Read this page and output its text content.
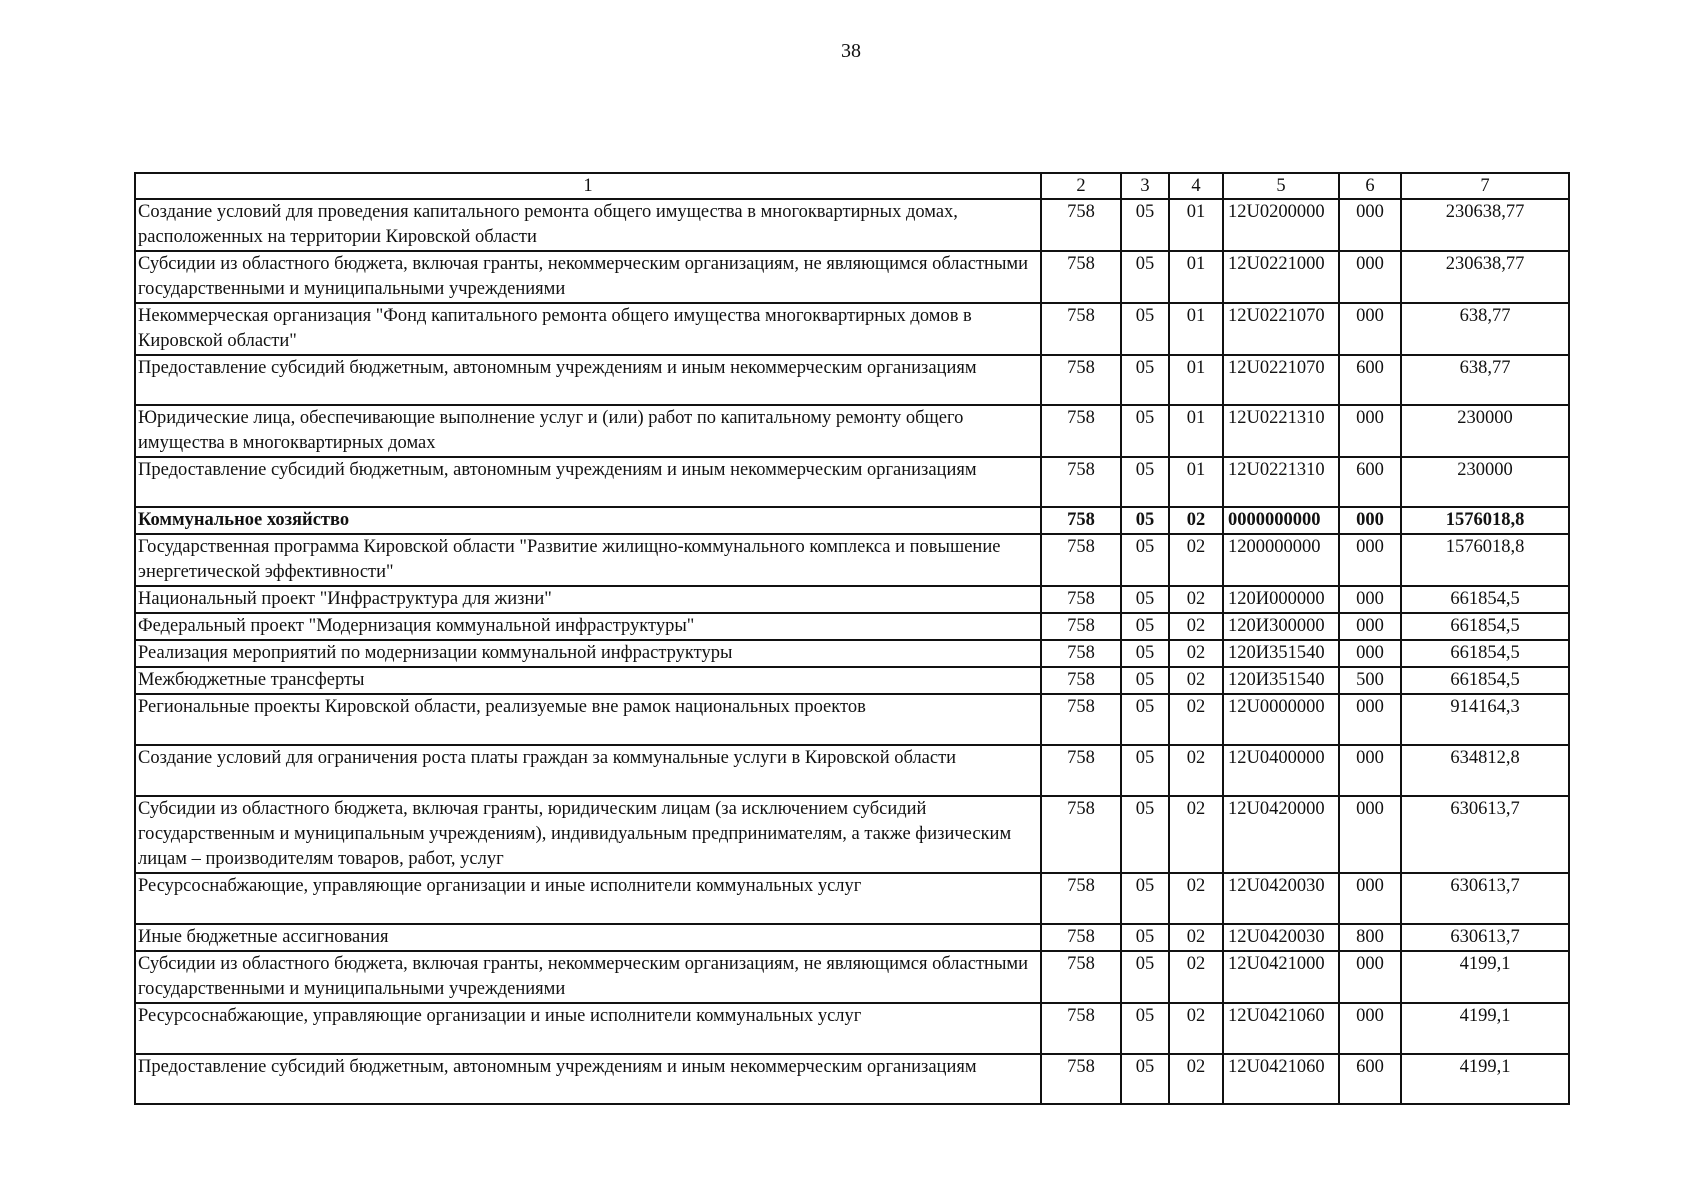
38
1	2	3	4	5	6	7
Создание условий для проведения капитального ремонта общего имущества в многоквартирных домах, расположенных на территории Кировской области	758	05	01	12U0200000	000	230638,77
Субсидии из областного бюджета, включая гранты, некоммерческим организациям, не являющимся областными государственными и муниципальными учреждениями	758	05	01	12U0221000	000	230638,77
Некоммерческая организация "Фонд капитального ремонта общего имущества многоквартирных домов в Кировской области"	758	05	01	12U0221070	000	638,77
Предоставление субсидий бюджетным, автономным учреждениям и иным некоммерческим организациям	758	05	01	12U0221070	600	638,77
Юридические лица, обеспечивающие выполнение услуг и (или) работ по капитальному ремонту общего имущества в многоквартирных домах	758	05	01	12U0221310	000	230000
Предоставление субсидий бюджетным, автономным учреждениям и иным некоммерческим организациям	758	05	01	12U0221310	600	230000
Коммунальное хозяйство	758	05	02	0000000000	000	1576018,8
Государственная программа Кировской области "Развитие жилищно-коммунального комплекса и повышение энергетической эффективности"	758	05	02	1200000000	000	1576018,8
Национальный проект "Инфраструктура для жизни"	758	05	02	120И000000	000	661854,5
Федеральный проект "Модернизация коммунальной инфраструктуры"	758	05	02	120И300000	000	661854,5
Реализация мероприятий по модернизации коммунальной инфраструктуры	758	05	02	120И351540	000	661854,5
Межбюджетные трансферты	758	05	02	120И351540	500	661854,5
Региональные проекты Кировской области, реализуемые вне рамок национальных проектов	758	05	02	12U0000000	000	914164,3
Создание условий для ограничения роста платы граждан за коммунальные услуги в Кировской области	758	05	02	12U0400000	000	634812,8
Субсидии из областного бюджета, включая гранты, юридическим лицам (за исключением субсидий государственным и муниципальным учреждениям), индивидуальным предпринимателям, а также физическим лицам – производителям товаров, работ, услуг	758	05	02	12U0420000	000	630613,7
Ресурсоснабжающие, управляющие организации и иные исполнители коммунальных услуг	758	05	02	12U0420030	000	630613,7
Иные бюджетные ассигнования	758	05	02	12U0420030	800	630613,7
Субсидии из областного бюджета, включая гранты, некоммерческим организациям, не являющимся областными государственными и муниципальными учреждениями	758	05	02	12U0421000	000	4199,1
Ресурсоснабжающие, управляющие организации и иные исполнители коммунальных услуг	758	05	02	12U0421060	000	4199,1
Предоставление субсидий бюджетным, автономным учреждениям и иным некоммерческим организациям	758	05	02	12U0421060	600	4199,1
